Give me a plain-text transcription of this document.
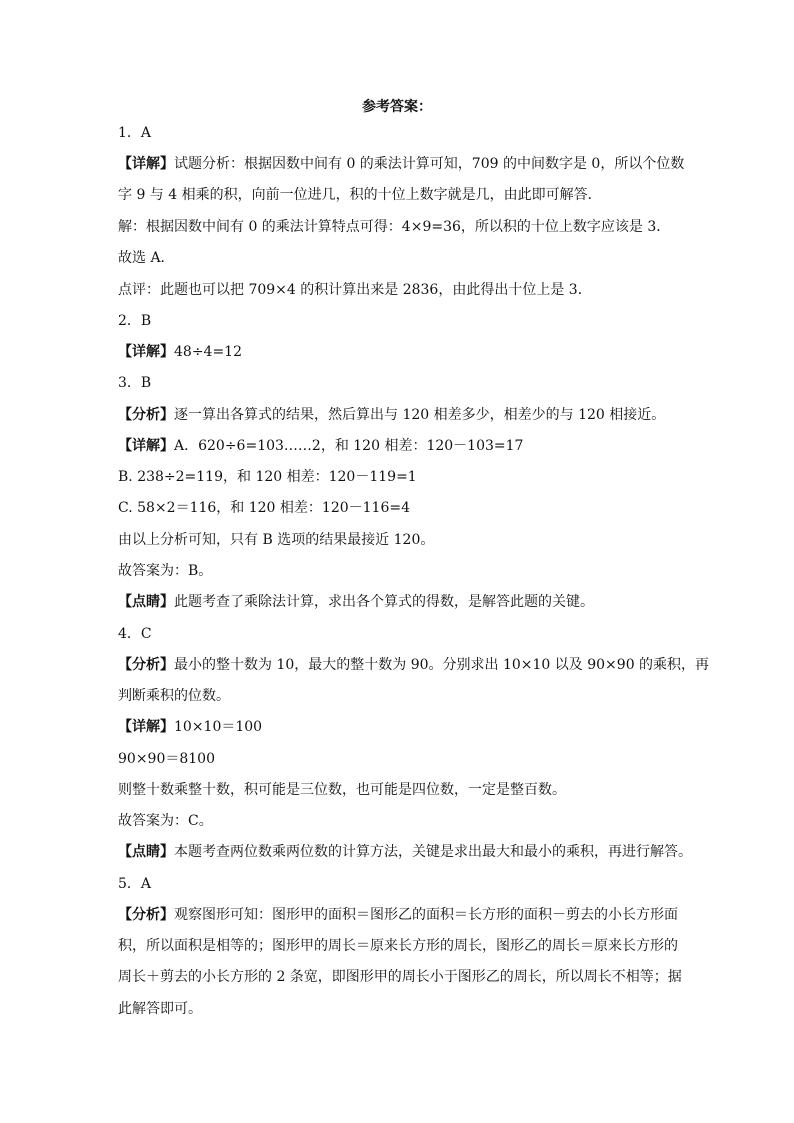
参考答案：
1．A
【详解】试题分析：根据因数中间有 0 的乘法计算可知，709 的中间数字是 0，所以个位数
字 9 与 4 相乘的积，向前一位进几，积的十位上数字就是几，由此即可解答．
解：根据因数中间有 0 的乘法计算特点可得：4×9=36，所以积的十位上数字应该是 3．
故选 A．
点评：此题也可以把 709×4 的积计算出来是 2836，由此得出十位上是 3．
2．B
【详解】48÷4=12
3．B
【分析】逐一算出各算式的结果，然后算出与 120 相差多少，相差少的与 120 相接近。
【详解】A．620÷6=103……2，和 120 相差：120－103=17
B. 238÷2=119，和 120 相差：120－119=1
C. 58×2＝116，和 120 相差：120－116=4
由以上分析可知，只有 B 选项的结果最接近 120。
故答案为：B。
【点睛】此题考查了乘除法计算，求出各个算式的得数，是解答此题的关键。
4．C
【分析】最小的整十数为 10，最大的整十数为 90。分别求出 10×10 以及 90×90 的乘积，再
判断乘积的位数。
【详解】10×10＝100
90×90＝8100
则整十数乘整十数，积可能是三位数，也可能是四位数，一定是整百数。
故答案为：C。
【点睛】本题考查两位数乘两位数的计算方法，关键是求出最大和最小的乘积，再进行解答。
5．A
【分析】观察图形可知：图形甲的面积＝图形乙的面积＝长方形的面积－剪去的小长方形面
积，所以面积是相等的；图形甲的周长＝原来长方形的周长，图形乙的周长＝原来长方形的
周长＋剪去的小长方形的 2 条宽，即图形甲的周长小于图形乙的周长，所以周长不相等；据
此解答即可。
